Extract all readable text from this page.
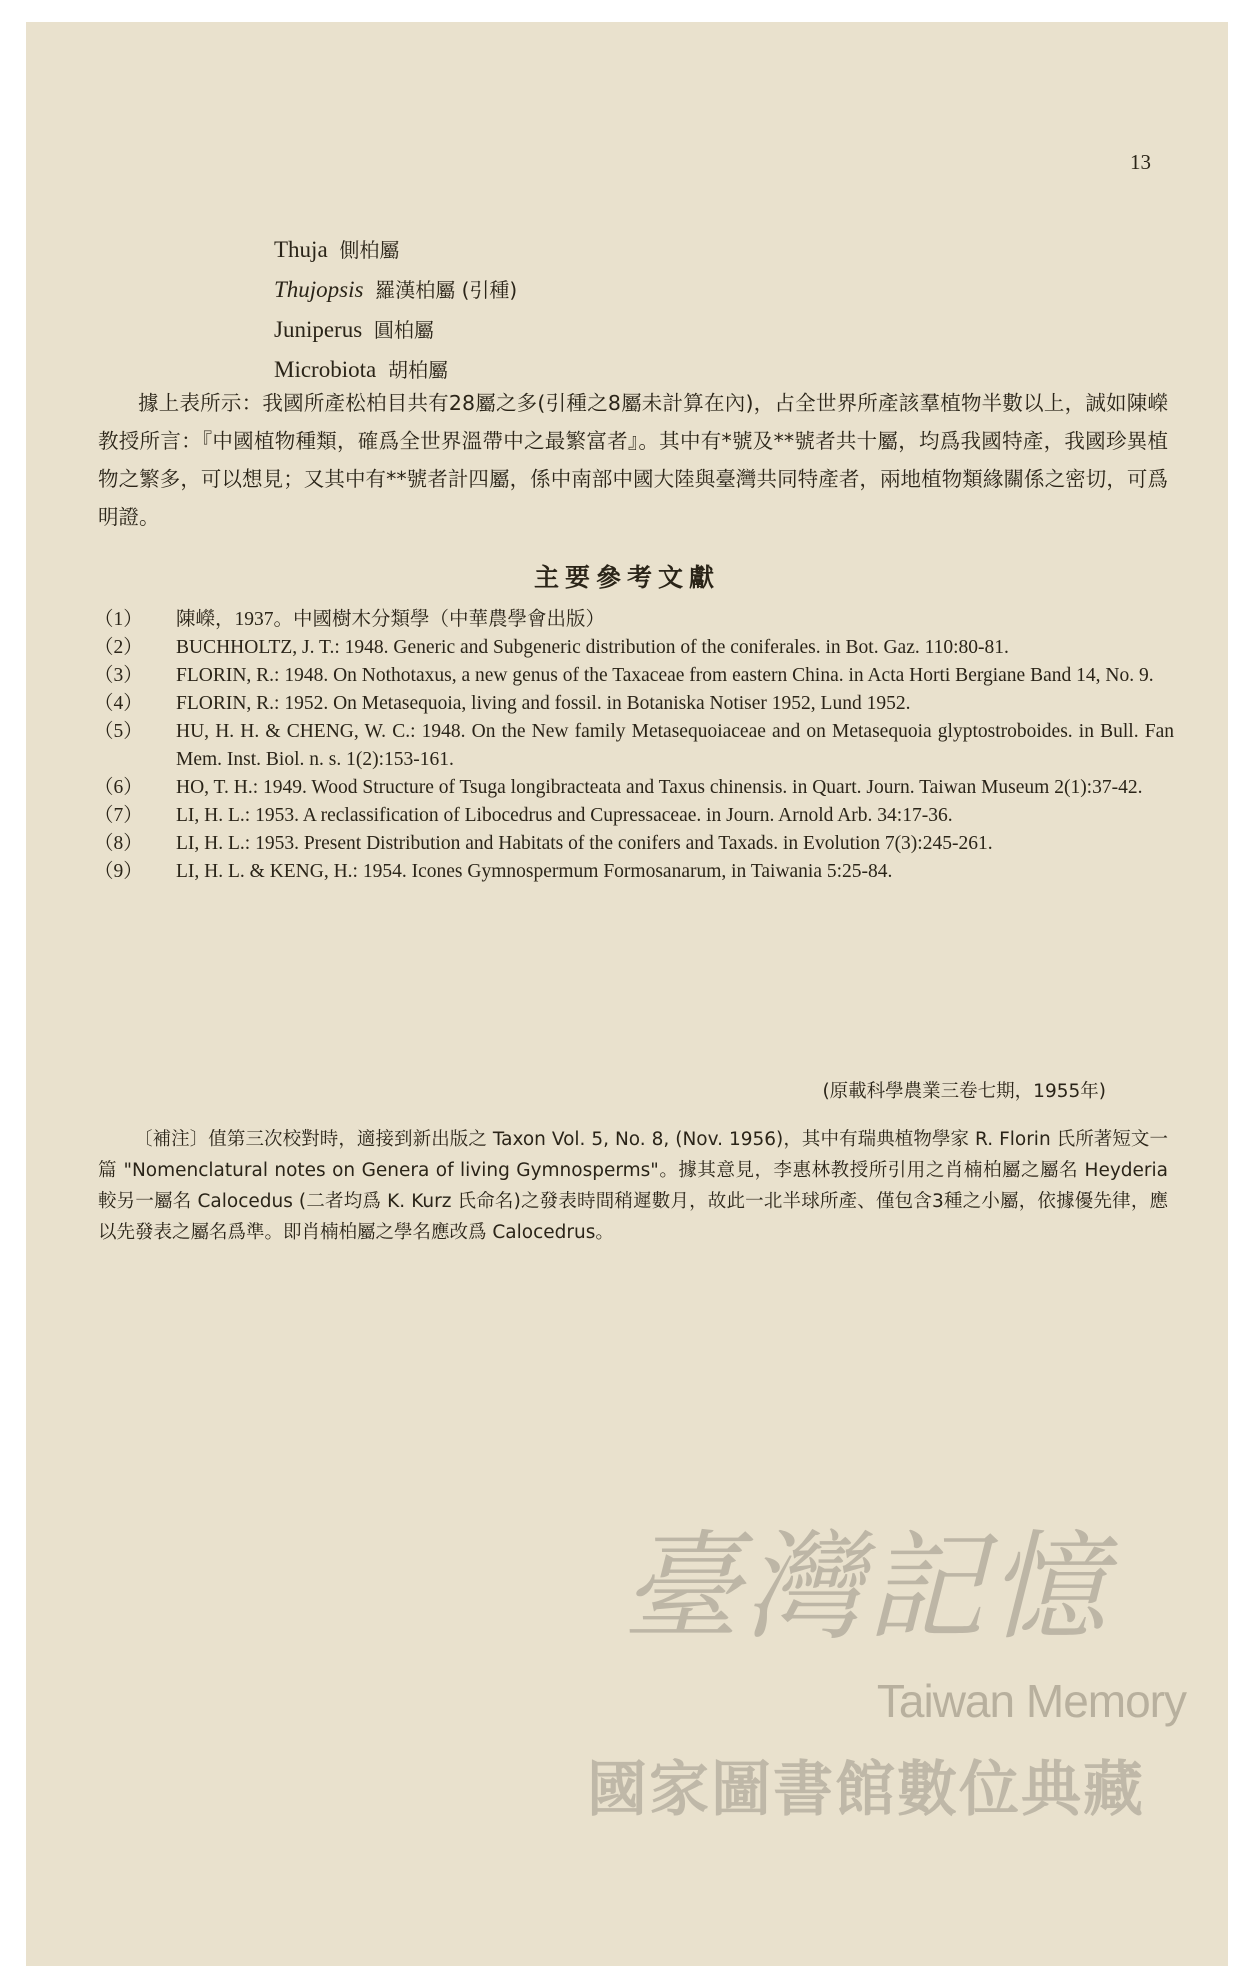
13
Thuja 側柏屬
Thujopsis 羅漢柏屬 (引種)
Juniperus 圓柏屬
Microbiota 胡柏屬
據上表所示：我國所產松柏目共有28屬之多(引種之8屬未計算在內)，占全世界所產該羣植物半數以上，誠如陳嶸教授所言：『中國植物種類，確爲全世界溫帶中之最繁富者』。其中有*號及**號者共十屬，均爲我國特產，我國珍異植物之繁多，可以想見；又其中有**號者計四屬，係中南部中國大陸與臺灣共同特產者，兩地植物類緣關係之密切，可爲明證。
主要參考文獻
（1）	陳嶸，1937。中國樹木分類學（中華農學會出版）
（2）	BUCHHOLTZ, J. T.: 1948. Generic and Subgeneric distribution of the coniferales. in Bot. Gaz. 110:80-81.
（3）	FLORIN, R.: 1948. On Nothotaxus, a new genus of the Taxaceae from eastern China. in Acta Horti Bergiane Band 14, No. 9.
（4）	FLORIN, R.: 1952. On Metasequoia, living and fossil. in Botaniska Notiser 1952, Lund 1952.
（5）	HU, H. H. & CHENG, W. C.: 1948. On the New family Metasequoiaceae and on Metasequoia glyptostroboides. in Bull. Fan Mem. Inst. Biol. n. s. 1(2):153-161.
（6）	HO, T. H.: 1949. Wood Structure of Tsuga longibracteata and Taxus chinensis. in Quart. Journ. Taiwan Museum 2(1):37-42.
（7）	LI, H. L.: 1953. A reclassification of Libocedrus and Cupressaceae. in Journ. Arnold Arb. 34:17-36.
（8）	LI, H. L.: 1953. Present Distribution and Habitats of the conifers and Taxads. in Evolution 7(3):245-261.
（9）	LI, H. L. & KENG, H.: 1954. Icones Gymnospermum Formosanarum, in Taiwania 5:25-84.
(原載科學農業三卷七期，1955年)
〔補注〕值第三次校對時，適接到新出版之 Taxon Vol. 5, No. 8, (Nov. 1956)，其中有瑞典植物學家 R. Florin 氏所著短文一篇 "Nomenclatural notes on Genera of living Gymnosperms"。據其意見，李惠林教授所引用之肖楠柏屬之屬名 Heyderia 較另一屬名 Calocedus (二者均爲 K. Kurz 氏命名)之發表時間稍遲數月，故此一北半球所產、僅包含3種之小屬，依據優先律，應以先發表之屬名爲準。即肖楠柏屬之學名應改爲 Calocedrus。
臺灣記憶
Taiwan Memory
國家圖書館數位典藏
